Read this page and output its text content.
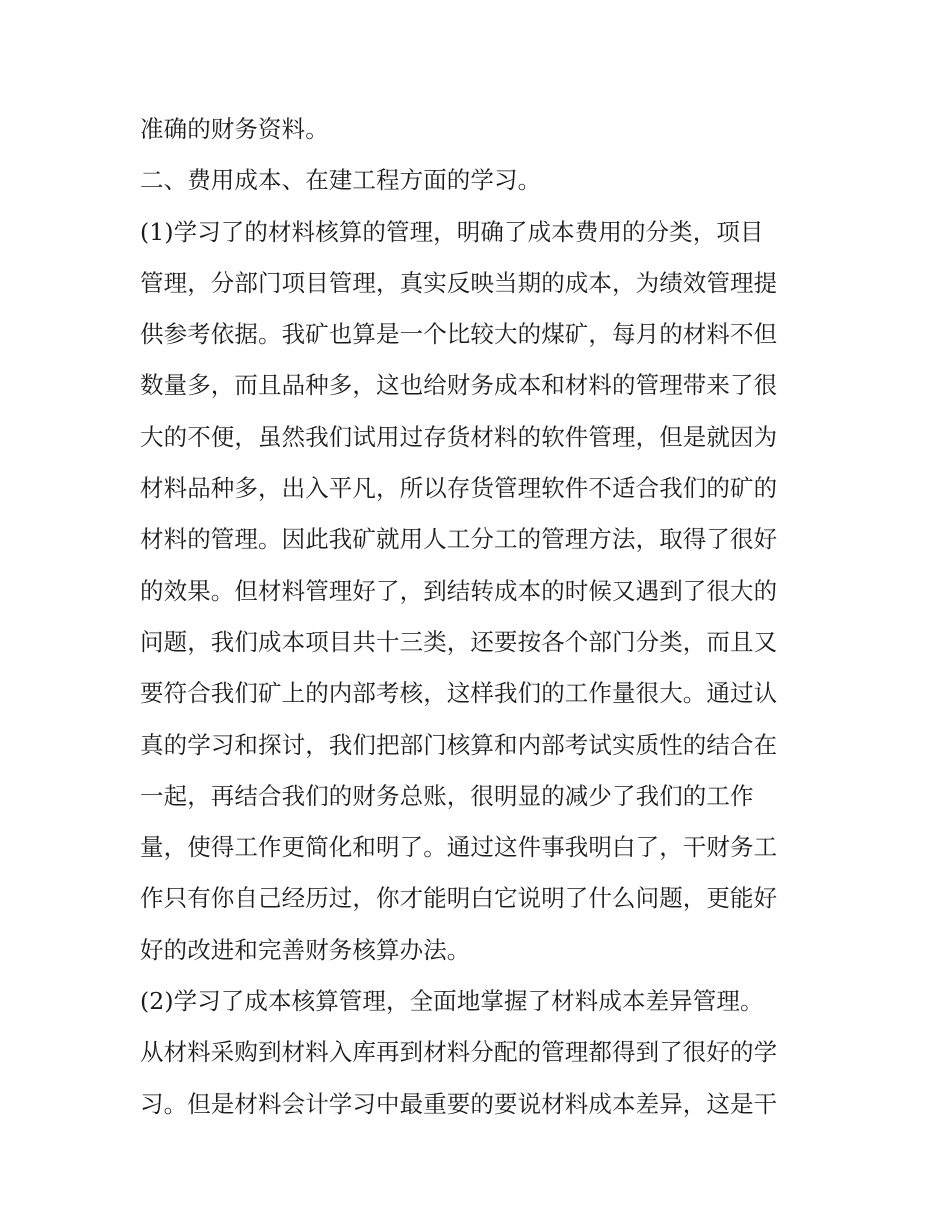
准确的财务资料。
二、费用成本、在建工程方面的学习。
(1)学习了的材料核算的管理，明确了成本费用的分类，项目
管理，分部门项目管理，真实反映当期的成本，为绩效管理提
供参考依据。我矿也算是一个比较大的煤矿，每月的材料不但
数量多，而且品种多，这也给财务成本和材料的管理带来了很
大的不便，虽然我们试用过存货材料的软件管理，但是就因为
材料品种多，出入平凡，所以存货管理软件不适合我们的矿的
材料的管理。因此我矿就用人工分工的管理方法，取得了很好
的效果。但材料管理好了，到结转成本的时候又遇到了很大的
问题，我们成本项目共十三类，还要按各个部门分类，而且又
要符合我们矿上的内部考核，这样我们的工作量很大。通过认
真的学习和探讨，我们把部门核算和内部考试实质性的结合在
一起，再结合我们的财务总账，很明显的减少了我们的工作
量，使得工作更简化和明了。通过这件事我明白了，干财务工
作只有你自己经历过，你才能明白它说明了什么问题，更能好
好的改进和完善财务核算办法。
(2)学习了成本核算管理，全面地掌握了材料成本差异管理。
从材料采购到材料入库再到材料分配的管理都得到了很好的学
习。但是材料会计学习中最重要的要说材料成本差异，这是干
